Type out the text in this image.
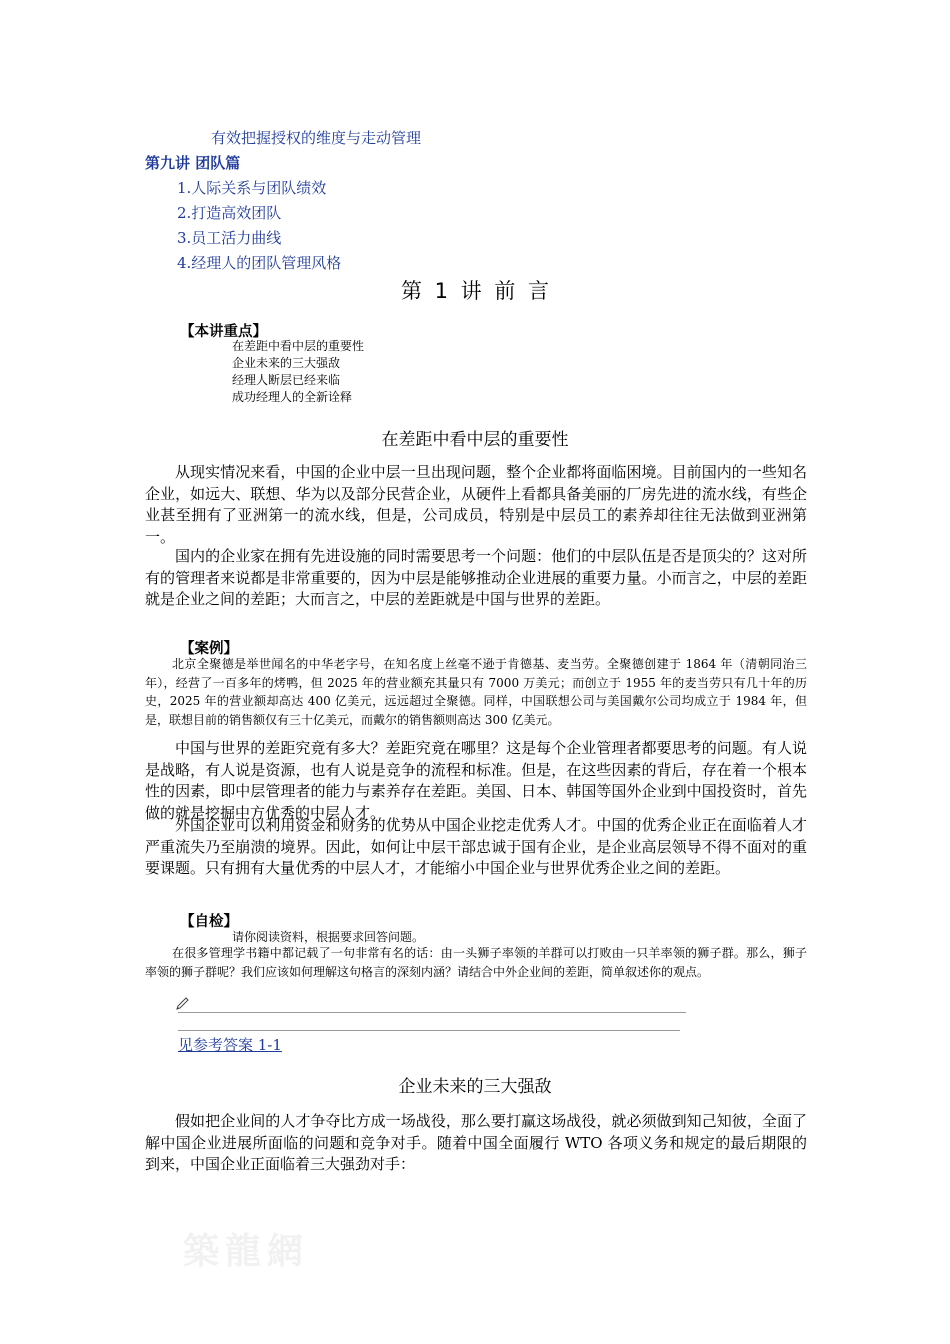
有效把握授权的维度与走动管理
第九讲 团队篇
1.人际关系与团队绩效
2.打造高效团队
3.员工活力曲线
4.经理人的团队管理风格
第 1 讲 前 言
【本讲重点】
在差距中看中层的重要性
企业未来的三大强敌
经理人断层已经来临
成功经理人的全新诠释
在差距中看中层的重要性
从现实情况来看，中国的企业中层一旦出现问题，整个企业都将面临困境。目前国内的一些知名企业，如远大、联想、华为以及部分民营企业，从硬件上看都具备美丽的厂房先进的流水线，有些企业甚至拥有了亚洲第一的流水线，但是，公司成员，特别是中层员工的素养却往往无法做到亚洲第一。
国内的企业家在拥有先进设施的同时需要思考一个问题：他们的中层队伍是否是顶尖的？这对所有的管理者来说都是非常重要的，因为中层是能够推动企业进展的重要力量。小而言之，中层的差距就是企业之间的差距；大而言之，中层的差距就是中国与世界的差距。
【案例】
北京全聚德是举世闻名的中华老字号，在知名度上丝毫不逊于肯德基、麦当劳。全聚德创建于 1864 年（清朝同治三年），经营了一百多年的烤鸭，但 2025 年的营业额充其量只有 7000 万美元；而创立于 1955 年的麦当劳只有几十年的历史，2025 年的营业额却高达 400 亿美元，远远超过全聚德。同样，中国联想公司与美国戴尔公司均成立于 1984 年，但是，联想目前的销售额仅有三十亿美元，而戴尔的销售额则高达 300 亿美元。
中国与世界的差距究竟有多大？差距究竟在哪里？这是每个企业管理者都要思考的问题。有人说是战略，有人说是资源，也有人说是竞争的流程和标准。但是，在这些因素的背后，存在着一个根本性的因素，即中层管理者的能力与素养存在差距。美国、日本、韩国等国外企业到中国投资时，首先做的就是挖掘中方优秀的中层人才。
外国企业可以利用资金和财务的优势从中国企业挖走优秀人才。中国的优秀企业正在面临着人才严重流失乃至崩溃的境界。因此，如何让中层干部忠诚于国有企业，是企业高层领导不得不面对的重要课题。只有拥有大量优秀的中层人才，才能缩小中国企业与世界优秀企业之间的差距。
【自检】
请你阅读资料，根据要求回答问题。
在很多管理学书籍中都记载了一句非常有名的话：由一头狮子率领的羊群可以打败由一只羊率领的狮子群。那么，狮子率领的狮子群呢？我们应该如何理解这句格言的深刻内涵？请结合中外企业间的差距，简单叙述你的观点。
见参考答案 1-1
企业未来的三大强敌
假如把企业间的人才争夺比方成一场战役，那么要打赢这场战役，就必须做到知己知彼，全面了解中国企业进展所面临的问题和竞争对手。随着中国全面履行 WTO 各项义务和规定的最后期限的到来，中国企业正面临着三大强劲对手：
築龍網
